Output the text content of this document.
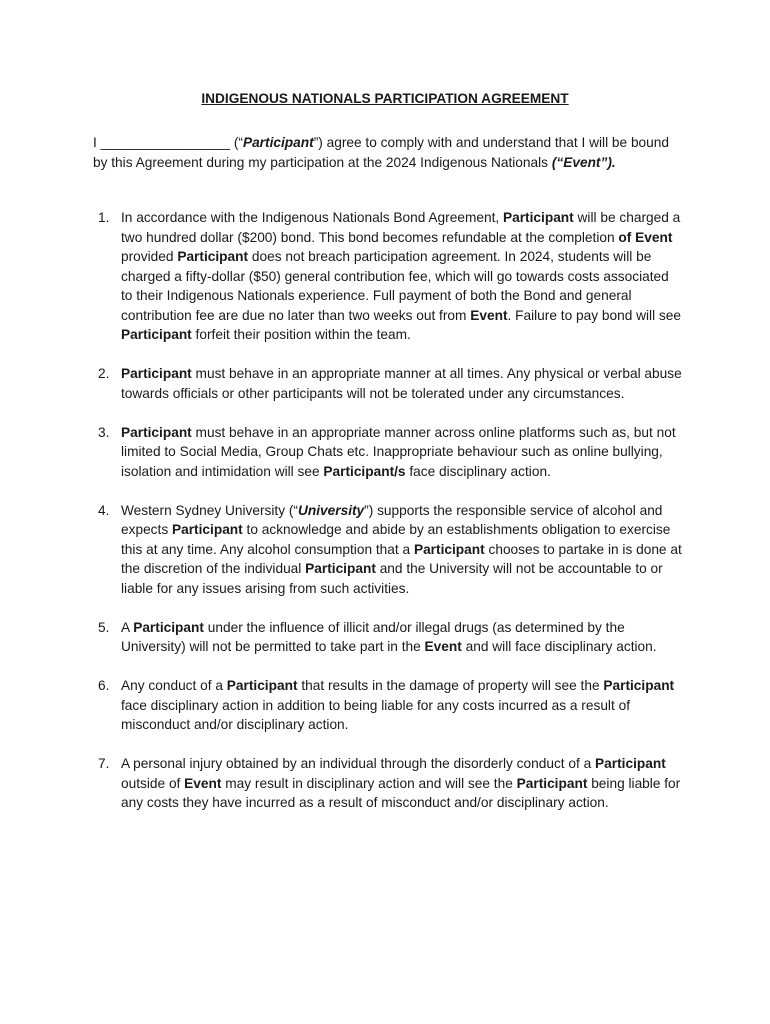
INDIGENOUS NATIONALS PARTICIPATION AGREEMENT

I _________________ (“Participant”) agree to comply with and understand that I will be bound by this Agreement during my participation at the 2024 Indigenous Nationals (“Event”).

1. In accordance with the Indigenous Nationals Bond Agreement, Participant will be charged a two hundred dollar ($200) bond. This bond becomes refundable at the completion of Event provided Participant does not breach participation agreement. In 2024, students will be charged a fifty-dollar ($50) general contribution fee, which will go towards costs associated to their Indigenous Nationals experience. Full payment of both the Bond and general contribution fee are due no later than two weeks out from Event. Failure to pay bond will see Participant forfeit their position within the team.
2. Participant must behave in an appropriate manner at all times. Any physical or verbal abuse towards officials or other participants will not be tolerated under any circumstances.
3. Participant must behave in an appropriate manner across online platforms such as, but not limited to Social Media, Group Chats etc. Inappropriate behaviour such as online bullying, isolation and intimidation will see Participant/s face disciplinary action.
4. Western Sydney University (“University”) supports the responsible service of alcohol and expects Participant to acknowledge and abide by an establishments obligation to exercise this at any time. Any alcohol consumption that a Participant chooses to partake in is done at the discretion of the individual Participant and the University will not be accountable to or liable for any issues arising from such activities.
5. A Participant under the influence of illicit and/or illegal drugs (as determined by the University) will not be permitted to take part in the Event and will face disciplinary action.
6. Any conduct of a Participant that results in the damage of property will see the Participant face disciplinary action in addition to being liable for any costs incurred as a result of misconduct and/or disciplinary action.
7. A personal injury obtained by an individual through the disorderly conduct of a Participant outside of Event may result in disciplinary action and will see the Participant being liable for any costs they have incurred as a result of misconduct and/or disciplinary action.
